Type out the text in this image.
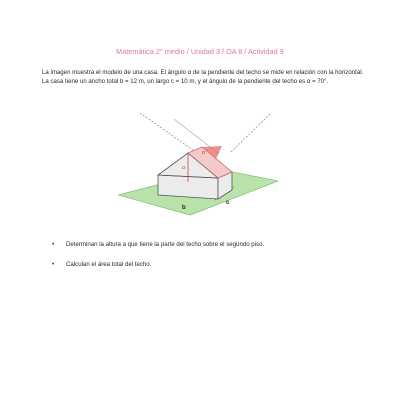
Matemática 2° medio / Unidad 3 / OA 8 / Actividad 9
La imagen muestra el modelo de una casa. El ángulo α de la pendiente del techo se mide en relación con la horizontal. La casa tiene un ancho total b = 12 m, un largo c = 10 m, y el ángulo de la pendiente del techo es α = 70°.
α
a
b
c
• Determinan la altura a que tiene la parte del techo sobre el segundo piso.
• Calculan el área total del techo.
